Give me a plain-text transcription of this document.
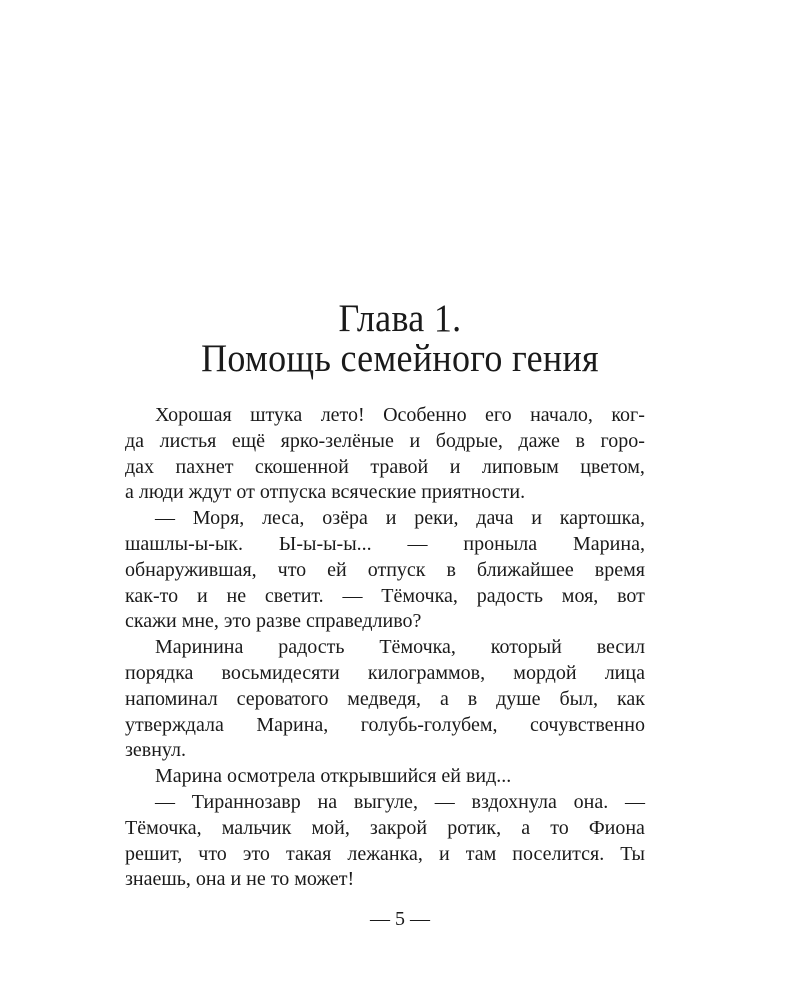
Глава 1.
Помощь семейного гения
Хорошая штука лето! Особенно его начало, ког-
да листья ещё ярко-зелёные и бодрые, даже в горо-
дах пахнет скошенной травой и липовым цветом,
а люди ждут от отпуска всяческие приятности.
— Моря, леса, озёра и реки, дача и картошка,
шашлы-ы-ык. Ы-ы-ы-ы... — проныла Марина,
обнаружившая, что ей отпуск в ближайшее время
как-то и не светит. — Тёмочка, радость моя, вот
скажи мне, это разве справедливо?
Маринина радость Тёмочка, который весил
порядка восьмидесяти килограммов, мордой лица
напоминал сероватого медведя, а в душе был, как
утверждала Марина, голубь-голубем, сочувственно
зевнул.
Марина осмотрела открывшийся ей вид...
— Тираннозавр на выгуле, — вздохнула она. —
Тёмочка, мальчик мой, закрой ротик, а то Фиона
решит, что это такая лежанка, и там поселится. Ты
знаешь, она и не то может!
— 5 —
